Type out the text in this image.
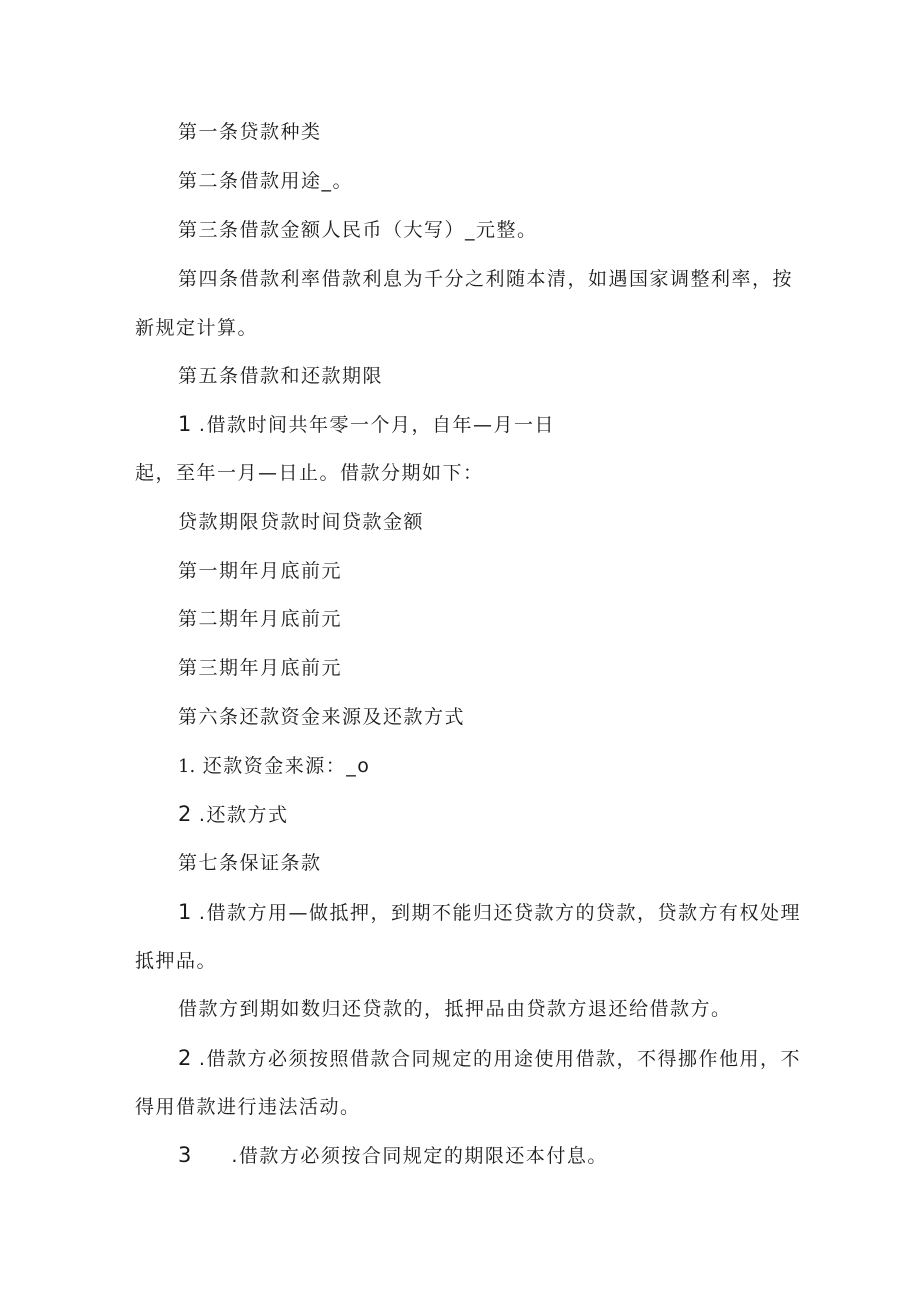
第一条贷款种类
第二条借款用途_。
第三条借款金额人民币（大写）_元整。
第四条借款利率借款利息为千分之利随本清，如遇国家调整利率，按
新规定计算。
第五条借款和还款期限
1 .借款时间共年零一个月，自年—月一日
起，至年一月—日止。借款分期如下：
贷款期限贷款时间贷款金额
第一期年月底前元
第二期年月底前元
第三期年月底前元
第六条还款资金来源及还款方式
1. 还款资金来源：_o
2 .还款方式
第七条保证条款
1 .借款方用—做抵押，到期不能归还贷款方的贷款，贷款方有权处理
抵押品。
借款方到期如数归还贷款的，抵押品由贷款方退还给借款方。
2 .借款方必须按照借款合同规定的用途使用借款，不得挪作他用，不
得用借款进行违法活动。
3 .借款方必须按合同规定的期限还本付息。
